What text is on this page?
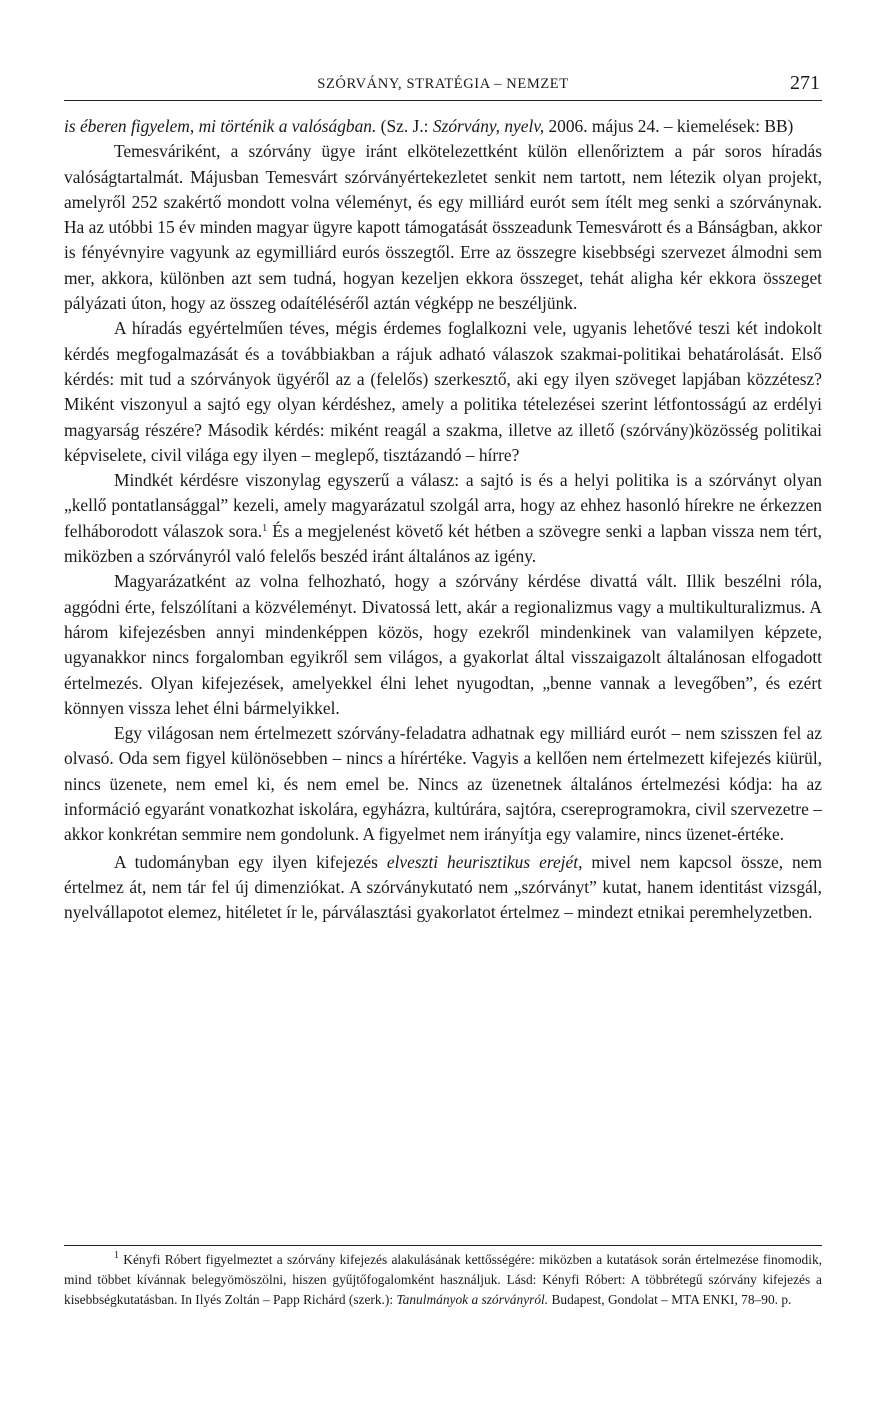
SZÓRVÁNY, STRATÉGIA – NEMZET	271

is éberen figyelem, mi történik a valóságban. (Sz. J.: Szórvány, nyelv, 2006. május 24. – kiemelések: BB)

Temesváriként, a szórvány ügye iránt elkötelezettként külön ellenőriztem a pár soros híradás valóságtartalmát. Májusban Temesvárt szórványértekezletet senkit nem tartott, nem létezik olyan projekt, amelyről 252 szakértő mondott volna véleményt, és egy milliárd eurót sem ítélt meg senki a szórványnak. Ha az utóbbi 15 év minden magyar ügyre kapott támogatását összeadunk Temesvárott és a Bánságban, akkor is fényévnyire vagyunk az egymilliárd eurós összegtől. Erre az összegre kisebbségi szervezet álmodni sem mer, akkora, különben azt sem tudná, hogyan kezeljen ekkora összeget, tehát aligha kér ekkora összeget pályázati úton, hogy az összeg odaítéléséről aztán végképp ne beszéljünk.

A híradás egyértelműen téves, mégis érdemes foglalkozni vele, ugyanis lehetővé teszi két indokolt kérdés megfogalmazását és a továbbiakban a rájuk adható válaszok szakmai-politikai behatárolását. Első kérdés: mit tud a szórványok ügyéről az a (felelős) szerkesztő, aki egy ilyen szöveget lapjában közzétesz? Miként viszonyul a sajtó egy olyan kérdéshez, amely a politika tételezései szerint létfontosságú az erdélyi magyarság részére? Második kérdés: miként reagál a szakma, illetve az illető (szórvány)közösség politikai képviselete, civil világa egy ilyen – meglepő, tisztázandó – hírre?

Mindkét kérdésre viszonylag egyszerű a válasz: a sajtó is és a helyi politika is a szórványt olyan „kellő pontatlansággal” kezeli, amely magyarázatul szolgál arra, hogy az ehhez hasonló hírekre ne érkezzen felháborodott válaszok sora.$^1$ És a megjelenést követő két hétben a szövegre senki a lapban vissza nem tért, miközben a szórványról való felelős beszéd iránt általános az igény.

Magyarázatként az volna felhozható, hogy a szórvány kérdése divattá vált. Illik beszélni róla, aggódni érte, felszólítani a közvéleményt. Divatossá lett, akár a regionalizmus vagy a multikulturalizmus. A három kifejezésben annyi mindenképpen közös, hogy ezekről mindenkinek van valamilyen képzete, ugyanakkor nincs forgalomban egyikről sem világos, a gyakorlat által visszaigazolt általánosan elfogadott értelmezés. Olyan kifejezések, amelyekkel élni lehet nyugodtan, „benne vannak a levegőben”, és ezért könnyen vissza lehet élni bármelyikkel.

Egy világosan nem értelmezett szórvány-feladatra adhatnak egy milliárd eurót – nem szisszen fel az olvasó. Oda sem figyel különösebben – nincs a hírértéke. Vagyis a kellően nem értelmezett kifejezés kiürül, nincs üzenete, nem emel ki, és nem emel be. Nincs az üzenetnek általános értelmezési kódja: ha az információ egyaránt vonatkozhat iskolára, egyházra, kultúrára, sajtóra, csereprogramokra, civil szervezetre – akkor konkrétan semmire nem gondolunk. A figyelmet nem irányítja egy valamire, nincs üzenet-értéke.

A tudományban egy ilyen kifejezés elveszti heurisztikus erejét, mivel nem kapcsol össze, nem értelmez át, nem tár fel új dimenziókat. A szórványkutató nem „szórványt” kutat, hanem identitást vizsgál, nyelvállapotot elemez, hitéletet ír le, párválasztási gyakorlatot értelmez – mindezt etnikai peremhelyzetben.

$^1$ Kényfi Róbert figyelmeztet a szórvány kifejezés alakulásának kettősségére: miközben a kutatások során értelmezése finomodik, mind többet kívánnak belegyömöszölni, hiszen gyűjtőfogalomként használjuk. Lásd: Kényfi Róbert: A többrétegű szórvány kifejezés a kisebbségkutatásban. In Ilyés Zoltán – Papp Richárd (szerk.): Tanulmányok a szórványról. Budapest, Gondolat – MTA ENKI, 78–90. p.
